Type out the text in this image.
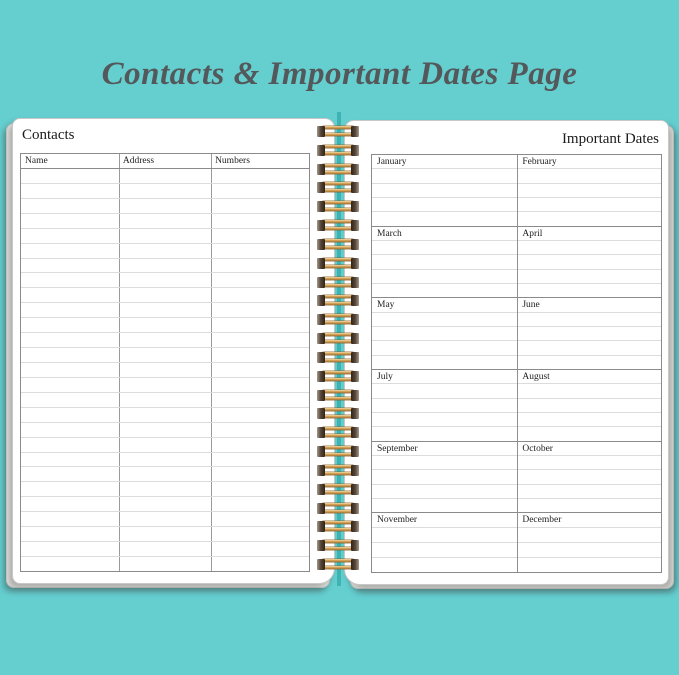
Contacts & Important Dates Page
Contacts
Name	Address	Numbers
Important Dates
January	February
March	April
May	June
July	August
September	October
November	December
